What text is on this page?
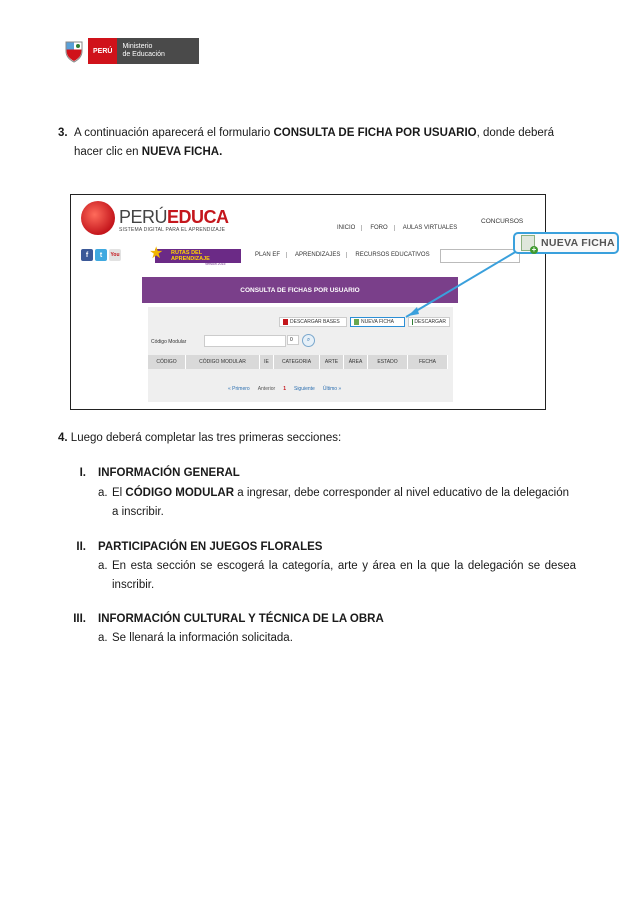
PERÚ
Ministerio
de Educación
3. A continuación aparecerá el formulario CONSULTA DE FICHA POR USUARIO, donde deberá hacer clic en NUEVA FICHA.
PERÚEDUCA
SISTEMA DIGITAL PARA EL APRENDIZAJE	INICIO	FORO	AULAS VIRTUALES
CONCURSOS
f	t	You	RUTAS DEL APRENDIZAJE
★
Versión 2015
PLAN EF	APRENDIZAJES	RECURSOS EDUCATIVOS
CONSULTA DE FICHAS POR USUARIO
DESCARGAR BASES	NUEVA FICHA	DESCARGAR
Código Modular	0	⌕
CÓDIGO	CÓDIGO MODULAR	IE	CATEGORIA	ARTE	ÁREA	ESTADO	FECHA
« Primero Anterior 1 Siguiente Último »
+
NUEVA FICHA
4. Luego deberá completar las tres primeras secciones:
I. INFORMACIÓN GENERAL
a. El CÓDIGO MODULAR a ingresar, debe corresponder al nivel educativo de la delegación a inscribir.
II. PARTICIPACIÓN EN JUEGOS FLORALES
a. En esta sección se escogerá la categoría, arte y área en la que la delegación se desea inscribir.
III. INFORMACIÓN CULTURAL Y TÉCNICA DE LA OBRA
a. Se llenará la información solicitada.
